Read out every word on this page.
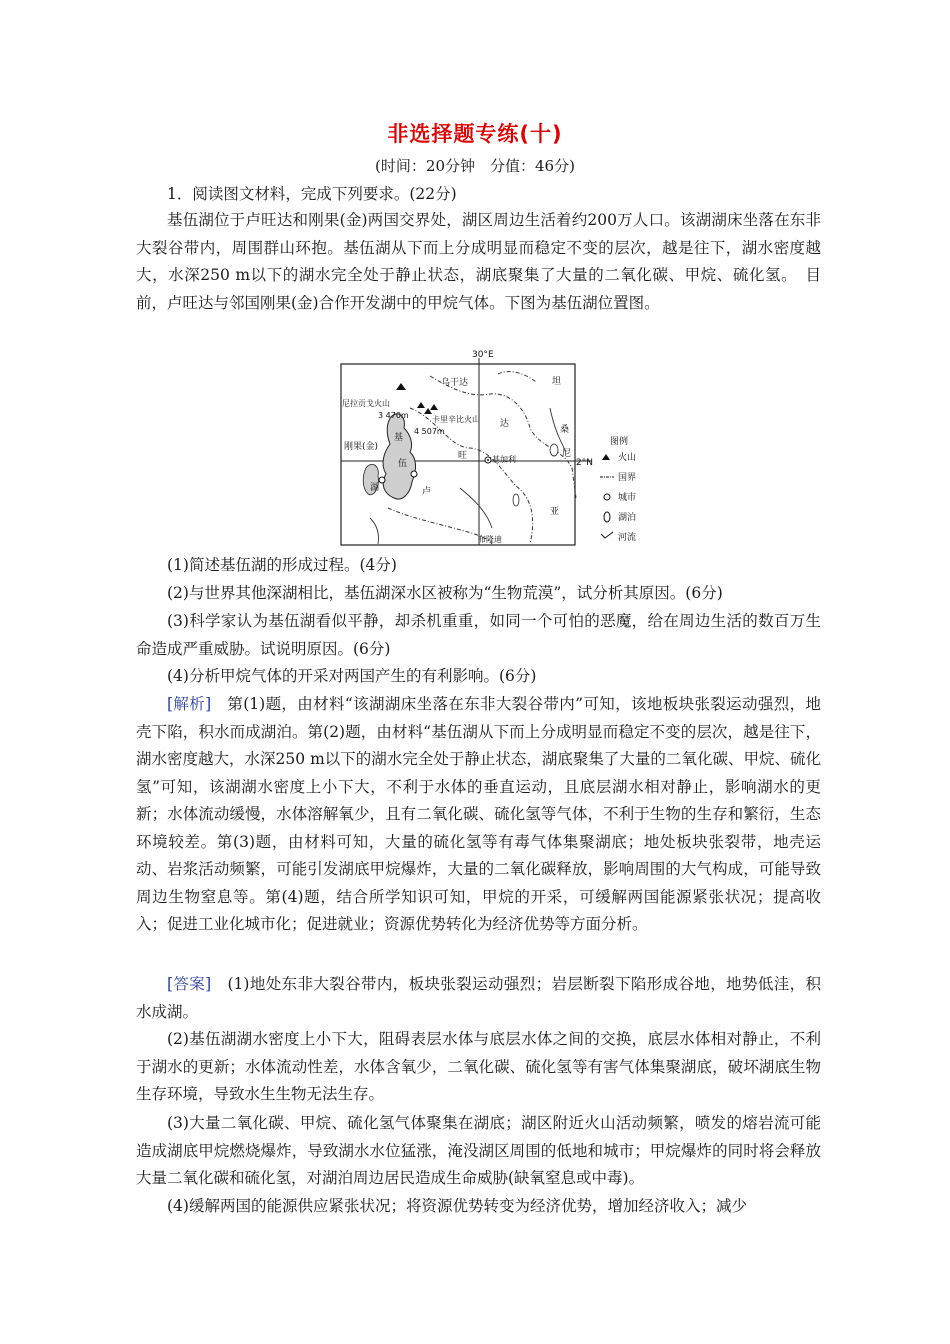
非选择题专练(十)
(时间：20分钟　分值：46分)
1．阅读图文材料，完成下列要求。(22分)
基伍湖位于卢旺达和刚果(金)两国交界处，湖区周边生活着约200万人口。该湖湖床坐落在东非大裂谷带内，周围群山环抱。基伍湖从下而上分成明显而稳定不变的层次，越是往下，湖水密度越大，水深250 m以下的湖水完全处于静止状态，湖底聚集了大量的二氧化碳、甲烷、硫化氢。　目前，卢旺达与邻国刚果(金)合作开发湖中的甲烷气体。下图为基伍湖位置图。
30°E
2°N
乌干达	坦
桑
尼
亚
达
刚果(金)
基
伍
湖
旺
卢
尼拉贡戈火山
卡里辛比火山
3 470m
4 507m
基加利
布隆迪
图例
火山
国界
城市
湖泊
河流
(1)简述基伍湖的形成过程。(4分)
(2)与世界其他深湖相比，基伍湖深水区被称为“生物荒漠”，试分析其原因。(6分)
(3)科学家认为基伍湖看似平静，却杀机重重，如同一个可怕的恶魔，给在周边生活的数百万生命造成严重威胁。试说明原因。(6分)
(4)分析甲烷气体的开采对两国产生的有利影响。(6分)
[解析]　第(1)题，由材料“该湖湖床坐落在东非大裂谷带内”可知，该地板块张裂运动强烈，地壳下陷，积水而成湖泊。第(2)题，由材料“基伍湖从下而上分成明显而稳定不变的层次，越是往下，湖水密度越大，水深250 m以下的湖水完全处于静止状态，湖底聚集了大量的二氧化碳、甲烷、硫化氢”可知，该湖湖水密度上小下大，不利于水体的垂直运动，且底层湖水相对静止，影响湖水的更新；水体流动缓慢，水体溶解氧少，且有二氧化碳、硫化氢等气体，不利于生物的生存和繁衍，生态环境较差。第(3)题，由材料可知，大量的硫化氢等有毒气体集聚湖底；地处板块张裂带，地壳运动、岩浆活动频繁，可能引发湖底甲烷爆炸，大量的二氧化碳释放，影响周围的大气构成，可能导致周边生物窒息等。第(4)题，结合所学知识可知，甲烷的开采，可缓解两国能源紧张状况；提高收入；促进工业化城市化；促进就业；资源优势转化为经济优势等方面分析。
[答案]　(1)地处东非大裂谷带内，板块张裂运动强烈；岩层断裂下陷形成谷地，地势低洼，积水成湖。
(2)基伍湖湖水密度上小下大，阻碍表层水体与底层水体之间的交换，底层水体相对静止，不利于湖水的更新；水体流动性差，水体含氧少，二氧化碳、硫化氢等有害气体集聚湖底，破坏湖底生物生存环境，导致水生生物无法生存。
(3)大量二氧化碳、甲烷、硫化氢气体聚集在湖底；湖区附近火山活动频繁，喷发的熔岩流可能造成湖底甲烷燃烧爆炸，导致湖水水位猛涨，淹没湖区周围的低地和城市；甲烷爆炸的同时将会释放大量二氧化碳和硫化氢，对湖泊周边居民造成生命威胁(缺氧窒息或中毒)。
(4)缓解两国的能源供应紧张状况；将资源优势转变为经济优势，增加经济收入；减少
